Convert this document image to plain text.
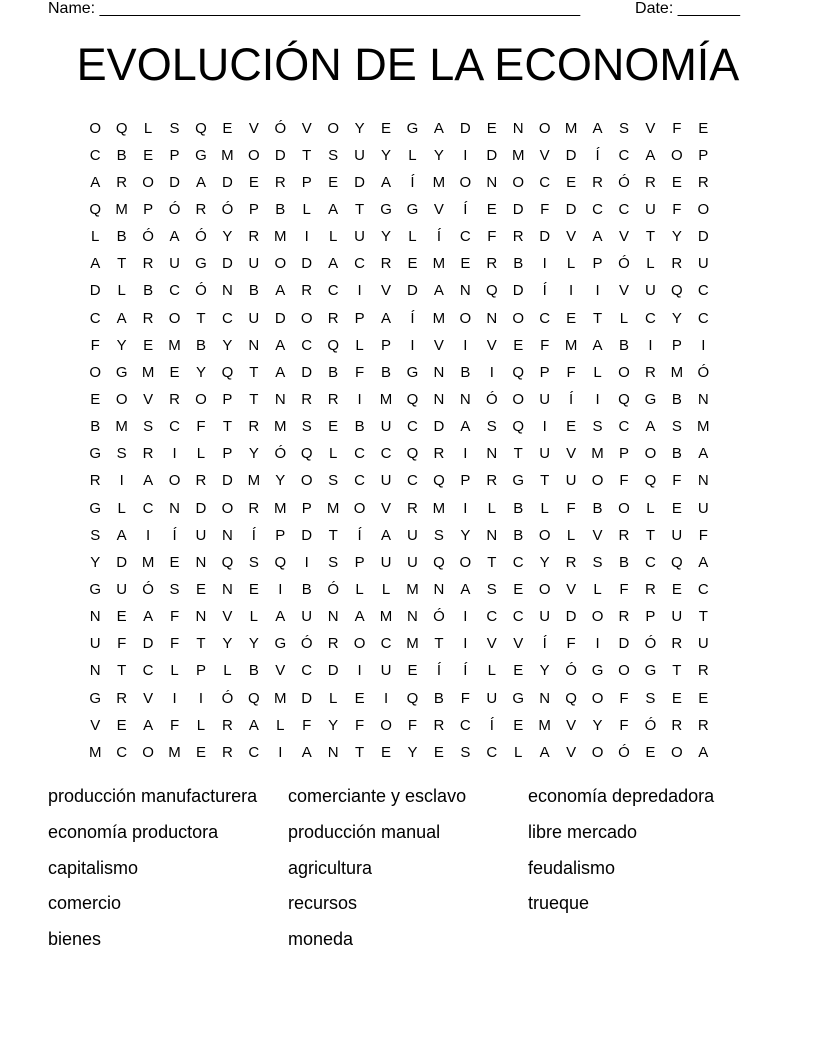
Name: ______________________________________________________	Date: _______
EVOLUCIÓN DE LA ECONOMÍA
O Q	L	S	Q	E	V	Ó	V	O	Y	E	G	A	D	E	N	O M	A	S	V	F	E
C	B	E	P	G M O	D	T	S	U	Y	L	Y	I	D M	V	D	Í	C	A	O	P
A	R	O	D	A	D	E	R	P	E	D	A	Í	M O	N	O	C	E	R	Ó	R	E	R
Q M	P	Ó	R	Ó	P	B	L	A	T	G G	V	Í	E	D	F	D	C	C	U	F	O
L	B	Ó	A	Ó	Y	R M	I	L	U	Y	L	Í	C	F	R	D	V	A	V	T	Y	D
A	T	R	U	G	D	U	O	D	A	C	R	E	M	E	R	B	I	L	P	Ó	L	R	U
D	L	B	C	Ó	N	B	A	R	C	I	V	D	A	N	Q	D	Í	I	I	V	U	Q	C
C	A	R	O	T	C	U	D	O	R	P	A	Í	M O	N	O	C	E	T	L	C	Y	C
F	Y	E	M	B	Y	N	A	C	Q	L	P	I	V	I	V	E	F	M	A	B	I	P	I
O G M	E	Y	Q	T	A	D	B	F	B	G	N	B	I	Q	P	F	L	O	R M Ó
E	O	V	R	O	P	T	N	R	R	I	M Q	N	N	Ó O	U	Í	I	Q G	B	N
B	M	S	C	F	T	R M	S	E	B	U	C	D	A	S	Q	I	E	S	C	A	S	M
G	S	R	I	L	P	Y	Ó Q	L	C	C	Q	R	I	N	T	U	V	M	P	O	B	A
R	I	A	O	R	D M	Y	O	S	C	U	C	Q	P	R	G	T	U	O	F	Q	F	N
G	L	C	N	D	O	R M	P	M O	V	R M	I	L	B	L	F	B	O	L	E	U
S	A	I	Í	U	N	Í	P	D	T	Í	A	U	S	Y	N	B	O	L	V	R	T	U	F
Y	D M	E	N	Q	S	Q	I	S	P	U	U	Q O	T	C	Y	R	S	B	C	Q	A
G	U	Ó	S	E	N	E	I	B	Ó	L	L	M N	A	S	E	O	V	L	F	R	E	C
N	E	A	F	N	V	L	A	U	N	A	M N	Ó	I	C	C	U	D	O	R	P	U	T
U	F	D	F	T	Y	Y	G Ó	R	O	C M	T	I	V	V	Í	F	I	D	Ó	R	U
N	T	C	L	P	L	B	V	C	D	I	U	E	Í	Í	L	E	Y	Ó G O G	T	R
G	R	V	I	I	Ó Q M D	L	E	I	Q	B	F	U	G	N	Q O	F	S	E	E
V	E	A	F	L	R	A	L	F	Y	F	O	F	R	C	Í	E	M	V	Y	F	Ó	R	R
M C	O M	E	R	C	I	A	N	T	E	Y	E	S	C	L	A	V	O Ó	E	O	A
producción manufacturera	comerciante y esclavo	economía depredadora
economía productora	producción manual	libre mercado
capitalismo	agricultura	feudalismo
comercio	recursos	trueque
bienes	moneda
